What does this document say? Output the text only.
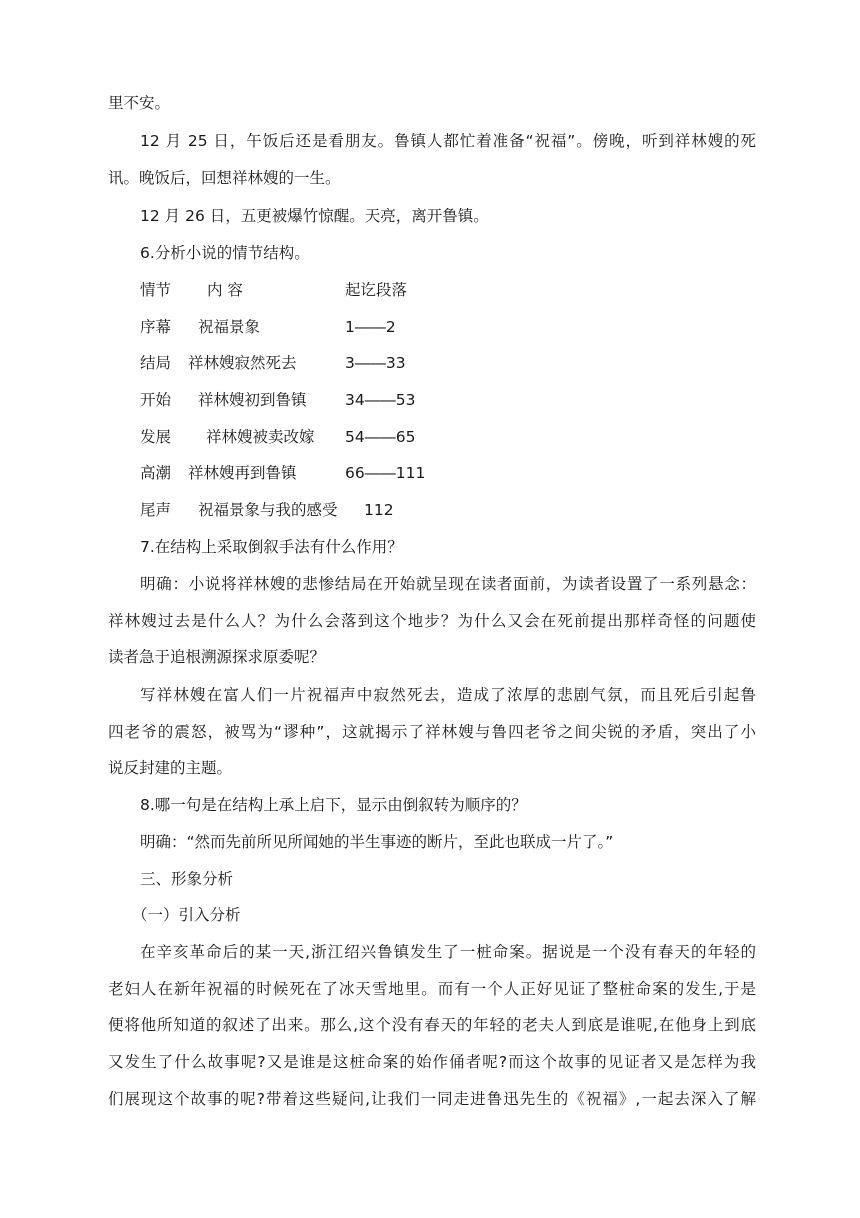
里不安。
12 月 25 日，午饭后还是看朋友。鲁镇人都忙着准备“祝福”。傍晚，听到祥林嫂的死
讯。晚饭后，回想祥林嫂的一生。
12 月 26 日，五更被爆竹惊醒。天亮，离开鲁镇。
6.分析小说的情节结构。
情节 内 容	起讫段落
序幕 祝福景象	1――2
结局 祥林嫂寂然死去	3――33
开始 祥林嫂初到鲁镇 34――53
发展 祥林嫂被卖改嫁 54――65
高潮 祥林嫂再到鲁镇	66――111
尾声 祝福景象与我的感受 112
7.在结构上采取倒叙手法有什么作用？
明确：小说将祥林嫂的悲惨结局在开始就呈现在读者面前，为读者设置了一系列悬念：
祥林嫂过去是什么人？为什么会落到这个地步？为什么又会在死前提出那样奇怪的问题使
读者急于追根溯源探求原委呢？
写祥林嫂在富人们一片祝福声中寂然死去，造成了浓厚的悲剧气氛，而且死后引起鲁
四老爷的震怒，被骂为“谬种”，这就揭示了祥林嫂与鲁四老爷之间尖锐的矛盾，突出了小
说反封建的主题。
8.哪一句是在结构上承上启下，显示由倒叙转为顺序的？
明确：“然而先前所见所闻她的半生事迹的断片，至此也联成一片了。”
三、形象分析
（一）引入分析
在辛亥革命后的某一天,浙江绍兴鲁镇发生了一桩命案。据说是一个没有春天的年轻的
老妇人在新年祝福的时候死在了冰天雪地里。而有一个人正好见证了整桩命案的发生,于是
便将他所知道的叙述了出来。那么,这个没有春天的年轻的老夫人到底是谁呢,在他身上到底
又发生了什么故事呢?又是谁是这桩命案的始作俑者呢?而这个故事的见证者又是怎样为我
们展现这个故事的呢?带着这些疑问,让我们一同走进鲁迅先生的《祝福》,一起去深入了解
